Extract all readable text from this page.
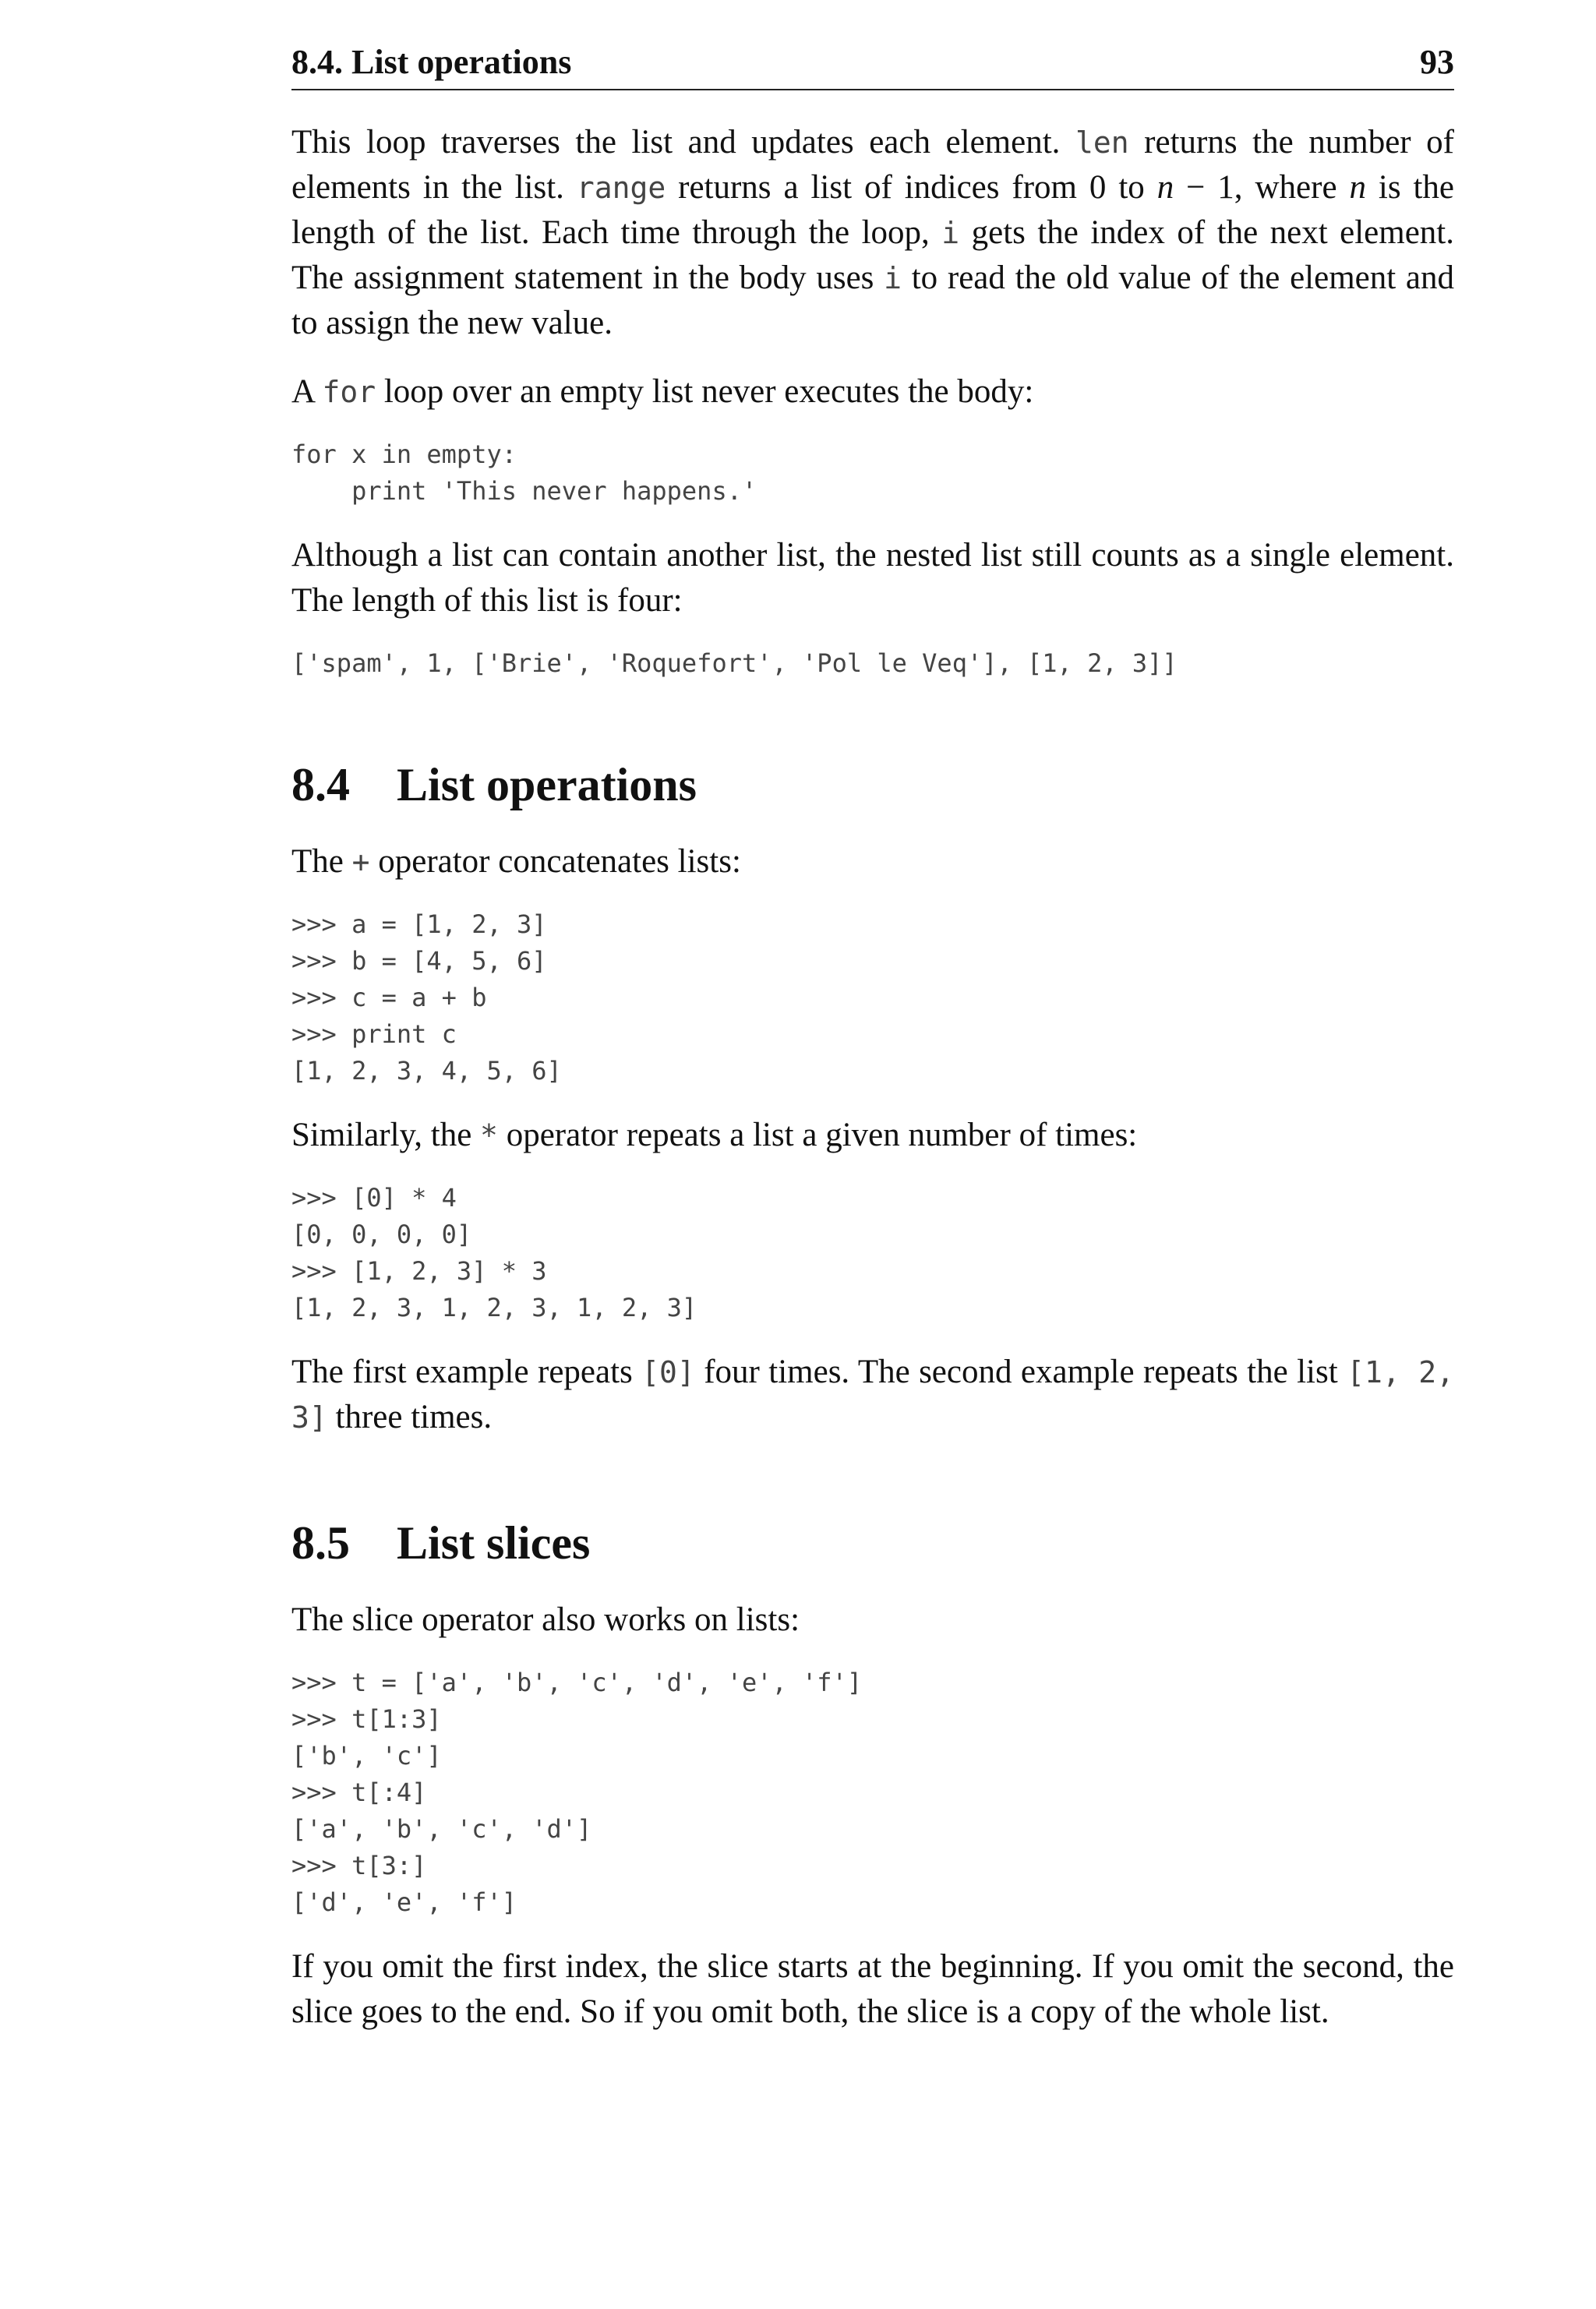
8.4. List operations	93

This loop traverses the list and updates each element. len returns the number of elements in the list. range returns a list of indices from 0 to n − 1, where n is the length of the list. Each time through the loop, i gets the index of the next element. The assignment statement in the body uses i to read the old value of the element and to assign the new value.

A for loop over an empty list never executes the body:

for x in empty:
print 'This never happens.'

Although a list can contain another list, the nested list still counts as a single element. The length of this list is four:

['spam', 1, ['Brie', 'Roquefort', 'Pol le Veq'], [1, 2, 3]]
8.4 List operations

The + operator concatenates lists:

>>> a = [1, 2, 3]
>>> b = [4, 5, 6]
>>> c = a + b
>>> print c
[1, 2, 3, 4, 5, 6]

Similarly, the * operator repeats a list a given number of times:

>>> [0] * 4
[0, 0, 0, 0]
>>> [1, 2, 3] * 3
[1, 2, 3, 1, 2, 3, 1, 2, 3]

The first example repeats [0] four times. The second example repeats the list [1, 2, 3] three times.

8.5 List slices

The slice operator also works on lists:

>>> t = ['a', 'b', 'c', 'd', 'e', 'f']
>>> t[1:3]
['b', 'c']
>>> t[:4]
['a', 'b', 'c', 'd']
>>> t[3:]
['d', 'e', 'f']

If you omit the first index, the slice starts at the beginning. If you omit the second, the slice goes to the end. So if you omit both, the slice is a copy of the whole list.
